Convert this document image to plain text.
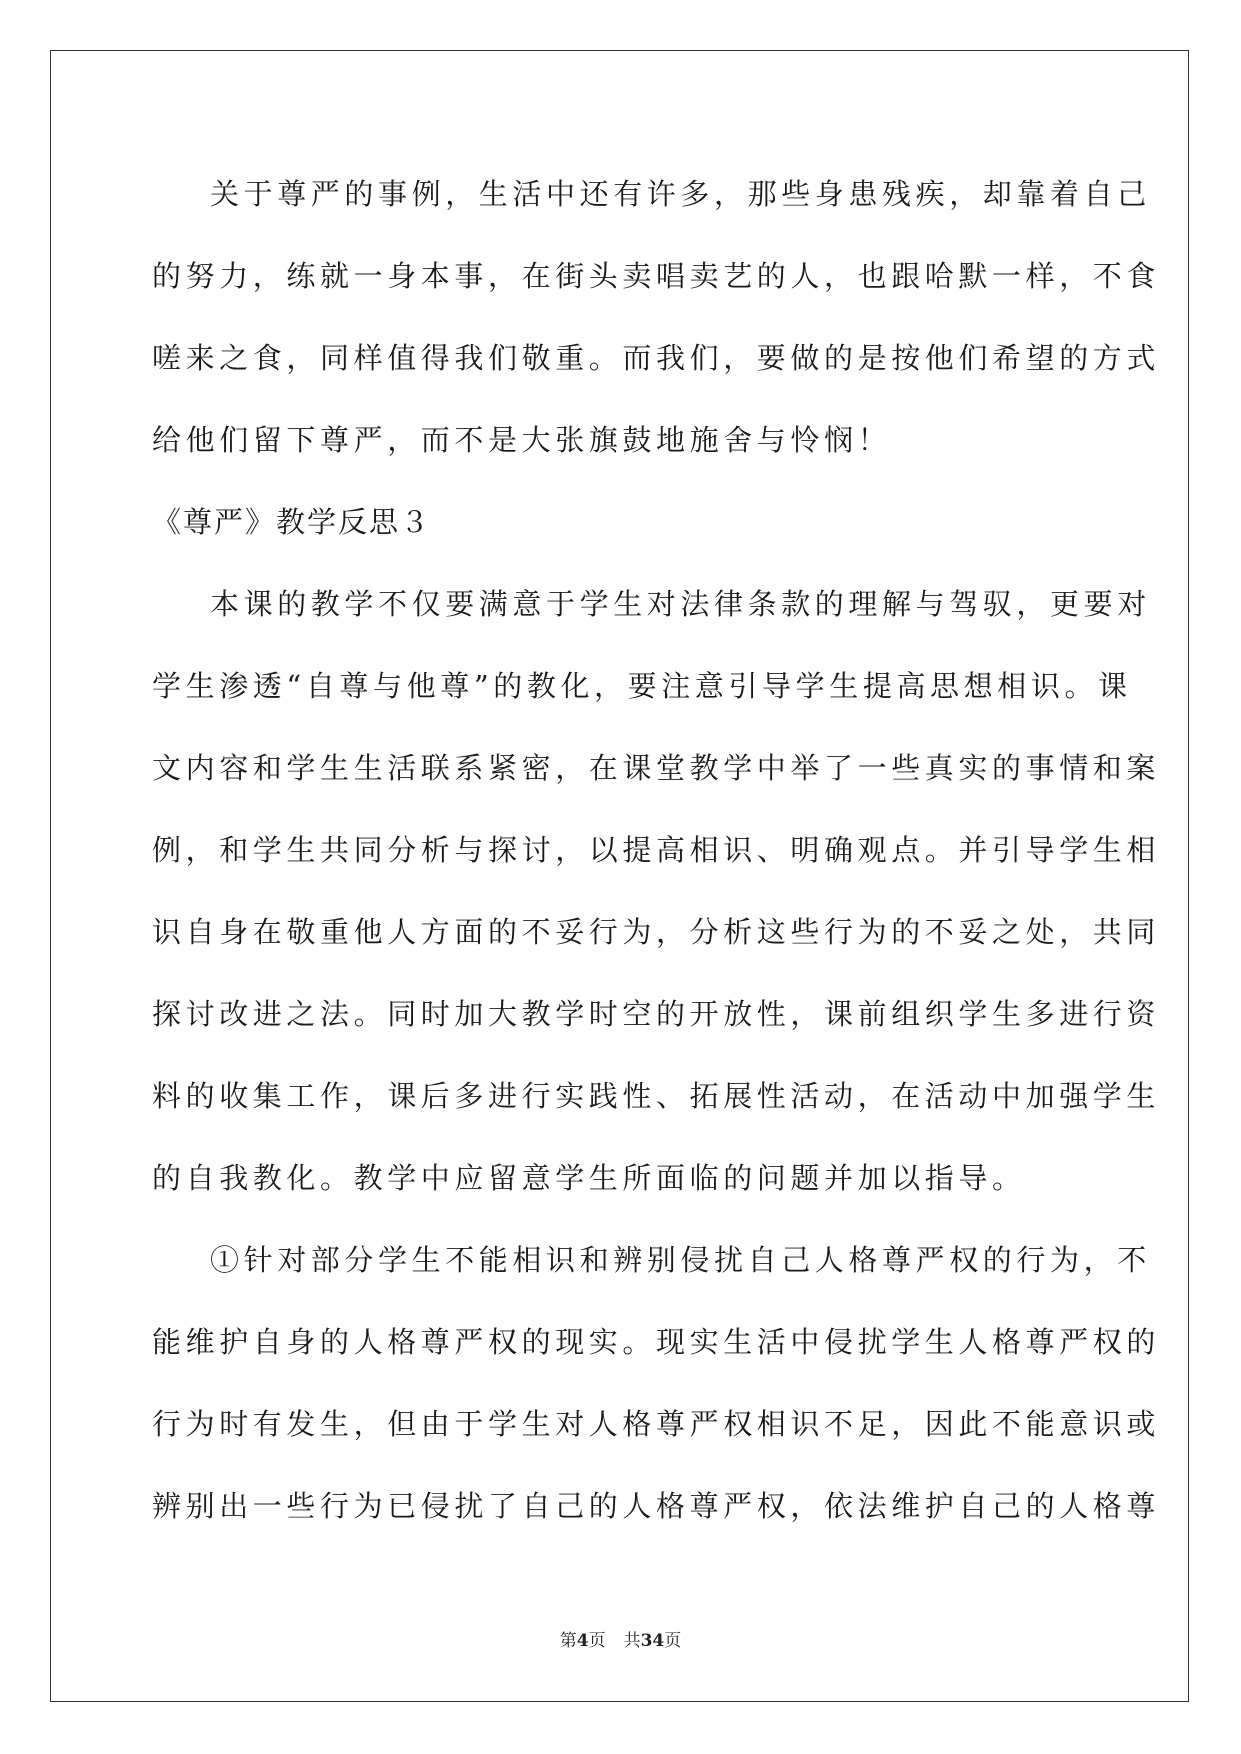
关于尊严的事例，生活中还有许多，那些身患残疾，却靠着自己
的努力，练就一身本事，在街头卖唱卖艺的人，也跟哈默一样，不食
嗟来之食，同样值得我们敬重。而我们，要做的是按他们希望的方式
给他们留下尊严，而不是大张旗鼓地施舍与怜悯！
《尊严》教学反思３
本课的教学不仅要满意于学生对法律条款的理解与驾驭，更要对
学生渗透“自尊与他尊”的教化，要注意引导学生提高思想相识。课
文内容和学生生活联系紧密，在课堂教学中举了一些真实的事情和案
例，和学生共同分析与探讨，以提高相识、明确观点。并引导学生相
识自身在敬重他人方面的不妥行为，分析这些行为的不妥之处，共同
探讨改进之法。同时加大教学时空的开放性，课前组织学生多进行资
料的收集工作，课后多进行实践性、拓展性活动，在活动中加强学生
的自我教化。教学中应留意学生所面临的问题并加以指导。
①针对部分学生不能相识和辨别侵扰自己人格尊严权的行为，不
能维护自身的人格尊严权的现实。现实生活中侵扰学生人格尊严权的
行为时有发生，但由于学生对人格尊严权相识不足，因此不能意识或
辨别出一些行为已侵扰了自己的人格尊严权，依法维护自己的人格尊
第4页 共34页
